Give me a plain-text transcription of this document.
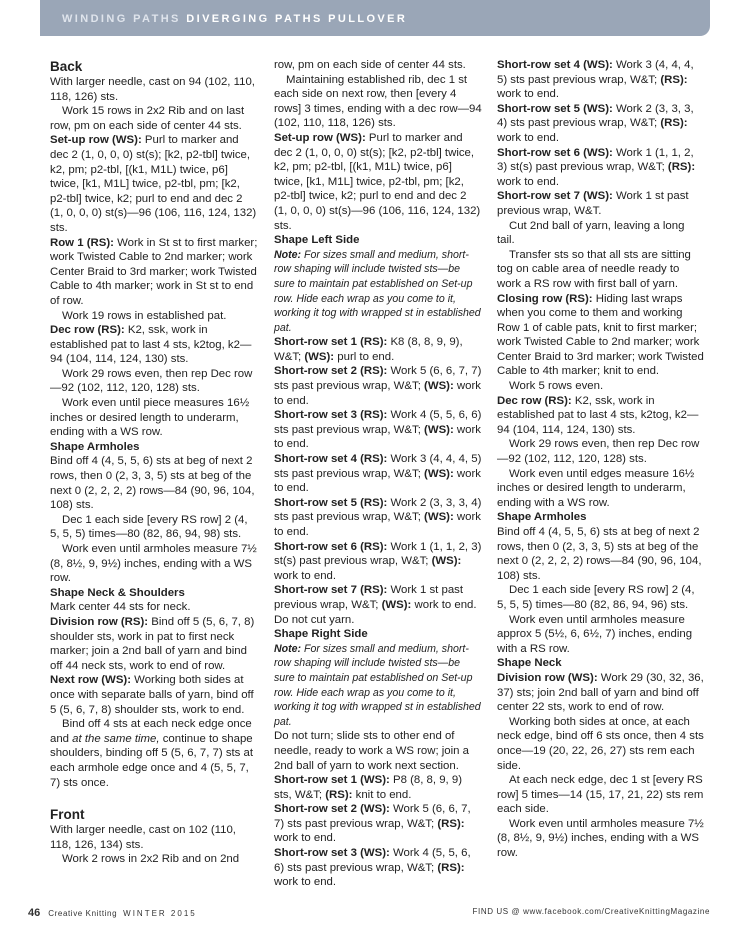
WINDING PATHS DIVERGING PATHS PULLOVER

Back

With larger needle, cast on 94 (102, 110, 118, 126) sts.

Work 15 rows in 2x2 Rib and on last row, pm on each side of center 44 sts.

Set-up row (WS): Purl to marker and dec 2 (1, 0, 0, 0) st(s); [k2, p2-tbl] twice, k2, pm; p2-tbl, [(k1, M1L) twice, p6] twice, [k1, M1L] twice, p2-tbl, pm; [k2, p2-tbl] twice, k2; purl to end and dec 2 (1, 0, 0, 0) st(s)—96 (106, 116, 124, 132) sts.

Row 1 (RS): Work in St st to first marker; work Twisted Cable to 2nd marker; work Center Braid to 3rd marker; work Twisted Cable to 4th marker; work in St st to end of row.

Work 19 rows in established pat.

Dec row (RS): K2, ssk, work in established pat to last 4 sts, k2tog, k2—94 (104, 114, 124, 130) sts.

Work 29 rows even, then rep Dec row—92 (102, 112, 120, 128) sts.

Work even until piece measures 16½ inches or desired length to underarm, ending with a WS row.

Shape Armholes

Bind off 4 (4, 5, 5, 6) sts at beg of next 2 rows, then 0 (2, 3, 3, 5) sts at beg of the next 0 (2, 2, 2, 2) rows—84 (90, 96, 104, 108) sts.

Dec 1 each side [every RS row] 2 (4, 5, 5, 5) times—80 (82, 86, 94, 98) sts.

Work even until armholes measure 7½ (8, 8½, 9, 9½) inches, ending with a WS row.

Shape Neck & Shoulders

Mark center 44 sts for neck.

Division row (RS): Bind off 5 (5, 6, 7, 8) shoulder sts, work in pat to first neck marker; join a 2nd ball of yarn and bind off 44 neck sts, work to end of row.

Next row (WS): Working both sides at once with separate balls of yarn, bind off 5 (5, 6, 7, 8) shoulder sts, work to end.

Bind off 4 sts at each neck edge once and at the same time, continue to shape shoulders, binding off 5 (5, 6, 7, 7) sts at each armhole edge once and 4 (5, 5, 7, 7) sts once.

Front

With larger needle, cast on 102 (110, 118, 126, 134) sts.

Work 2 rows in 2x2 Rib and on 2nd

row, pm on each side of center 44 sts.

Maintaining established rib, dec 1 st each side on next row, then [every 4 rows] 3 times, ending with a dec row—94 (102, 110, 118, 126) sts.

Set-up row (WS): Purl to marker and dec 2 (1, 0, 0, 0) st(s); [k2, p2-tbl] twice, k2, pm; p2-tbl, [(k1, M1L) twice, p6] twice, [k1, M1L] twice, p2-tbl, pm; [k2, p2-tbl] twice, k2; purl to end and dec 2 (1, 0, 0, 0) st(s)—96 (106, 116, 124, 132) sts.

Shape Left Side

Note: For sizes small and medium, short-row shaping will include twisted sts—be sure to maintain pat established on Set-up row. Hide each wrap as you come to it, working it tog with wrapped st in established pat.

Short-row set 1 (RS): K8 (8, 8, 9, 9), W&T; (WS): purl to end.

Short-row set 2 (RS): Work 5 (6, 6, 7, 7) sts past previous wrap, W&T; (WS): work to end.

Short-row set 3 (RS): Work 4 (5, 5, 6, 6) sts past previous wrap, W&T; (WS): work to end.

Short-row set 4 (RS): Work 3 (4, 4, 4, 5) sts past previous wrap, W&T; (WS): work to end.

Short-row set 5 (RS): Work 2 (3, 3, 3, 4) sts past previous wrap, W&T; (WS): work to end.

Short-row set 6 (RS): Work 1 (1, 1, 2, 3) st(s) past previous wrap, W&T; (WS): work to end.

Short-row set 7 (RS): Work 1 st past previous wrap, W&T; (WS): work to end. Do not cut yarn.

Shape Right Side

Note: For sizes small and medium, short-row shaping will include twisted sts—be sure to maintain pat established on Set-up row. Hide each wrap as you come to it, working it tog with wrapped st in established pat.

Do not turn; slide sts to other end of needle, ready to work a WS row; join a 2nd ball of yarn to work next section.

Short-row set 1 (WS): P8 (8, 8, 9, 9) sts, W&T; (RS): knit to end.

Short-row set 2 (WS): Work 5 (6, 6, 7, 7) sts past previous wrap, W&T; (RS): work to end.

Short-row set 3 (WS): Work 4 (5, 5, 6, 6) sts past previous wrap, W&T; (RS): work to end.

Short-row set 4 (WS): Work 3 (4, 4, 4, 5) sts past previous wrap, W&T; (RS): work to end.

Short-row set 5 (WS): Work 2 (3, 3, 3, 4) sts past previous wrap, W&T; (RS): work to end.

Short-row set 6 (WS): Work 1 (1, 1, 2, 3) st(s) past previous wrap, W&T; (RS): work to end.

Short-row set 7 (WS): Work 1 st past previous wrap, W&T.

Cut 2nd ball of yarn, leaving a long tail.

Transfer sts so that all sts are sitting tog on cable area of needle ready to work a RS row with first ball of yarn.

Closing row (RS): Hiding last wraps when you come to them and working Row 1 of cable pats, knit to first marker; work Twisted Cable to 2nd marker; work Center Braid to 3rd marker; work Twisted Cable to 4th marker; knit to end.

Work 5 rows even.

Dec row (RS): K2, ssk, work in established pat to last 4 sts, k2tog, k2—94 (104, 114, 124, 130) sts.

Work 29 rows even, then rep Dec row—92 (102, 112, 120, 128) sts.

Work even until edges measure 16½ inches or desired length to underarm, ending with a WS row.

Shape Armholes

Bind off 4 (4, 5, 5, 6) sts at beg of next 2 rows, then 0 (2, 3, 3, 5) sts at beg of the next 0 (2, 2, 2, 2) rows—84 (90, 96, 104, 108) sts.

Dec 1 each side [every RS row] 2 (4, 5, 5, 5) times—80 (82, 86, 94, 96) sts.

Work even until armholes measure approx 5 (5½, 6, 6½, 7) inches, ending with a RS row.

Shape Neck

Division row (WS): Work 29 (30, 32, 36, 37) sts; join 2nd ball of yarn and bind off center 22 sts, work to end of row.

Working both sides at once, at each neck edge, bind off 6 sts once, then 4 sts once—19 (20, 22, 26, 27) sts rem each side.

At each neck edge, dec 1 st [every RS row] 5 times—14 (15, 17, 21, 22) sts rem each side.

Work even until armholes measure 7½ (8, 8½, 9, 9½) inches, ending with a WS row.

46 Creative Knitting WINTER 2015	FIND US @ www.facebook.com/CreativeKnittingMagazine
